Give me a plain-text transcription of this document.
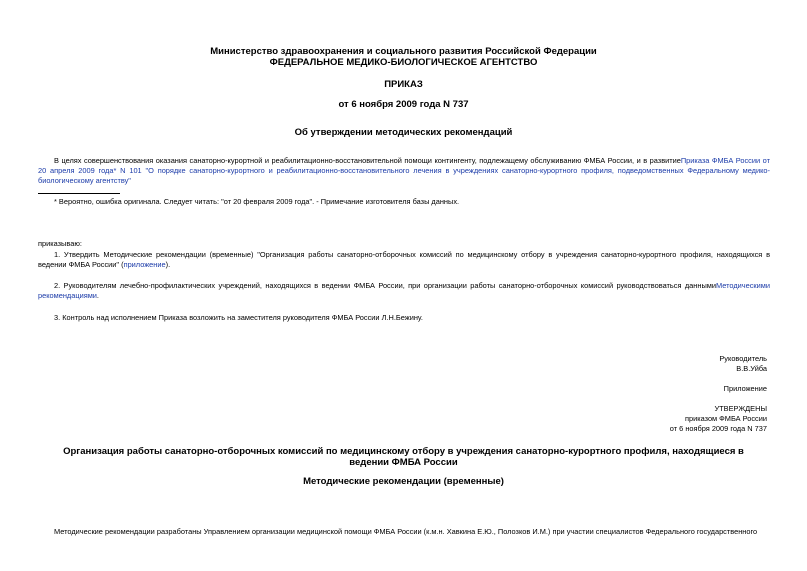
Министерство здравоохранения и социального развития Российской Федерации
ФЕДЕРАЛЬНОЕ МЕДИКО-БИОЛОГИЧЕСКОЕ АГЕНТСТВО
ПРИКАЗ
от 6 ноября 2009 года N 737
Об утверждении методических рекомендаций
В целях совершенствования оказания санаторно-курортной и реабилитационно-восстановительной помощи контингенту, подлежащему обслуживанию ФМБА России, и в развитиеПриказа ФМБА России от 20 апреля 2009 года* N 101 "О порядке санаторно-курортного и реабилитационно-восстановительного лечения в учреждениях санаторно-курортного профиля, подведомственных Федеральному медико-биологическому агентству"
* Вероятно, ошибка оригинала. Следует читать: "от 20 февраля 2009 года". - Примечание изготовителя базы данных.
приказываю:
1. Утвердить Методические рекомендации (временные) "Организация работы санаторно-отборочных комиссий по медицинскому отбору в учреждения санаторно-курортного профиля, находящихся в ведении ФМБА России" (приложение).
2. Руководителям лечебно-профилактических учреждений, находящихся в ведении ФМБА России, при организации работы санаторно-отборочных комиссий руководствоваться даннымиМетодическими рекомендациями.
3. Контроль над исполнением Приказа возложить на заместителя руководителя ФМБА России Л.Н.Бежину.
Руководитель
В.В.Уйба
Приложение
УТВЕРЖДЕНЫ
приказом ФМБА России
от 6 ноября 2009 года N 737
Организация работы санаторно-отборочных комиссий по медицинскому отбору в учреждения санаторно-курортного профиля, находящиеся в ведении ФМБА России
Методические рекомендации (временные)
Методические рекомендации разработаны Управлением организации медицинской помощи ФМБА России (к.м.н. Хавкина Е.Ю., Полозков И.М.) при участии специалистов Федерального государственного
